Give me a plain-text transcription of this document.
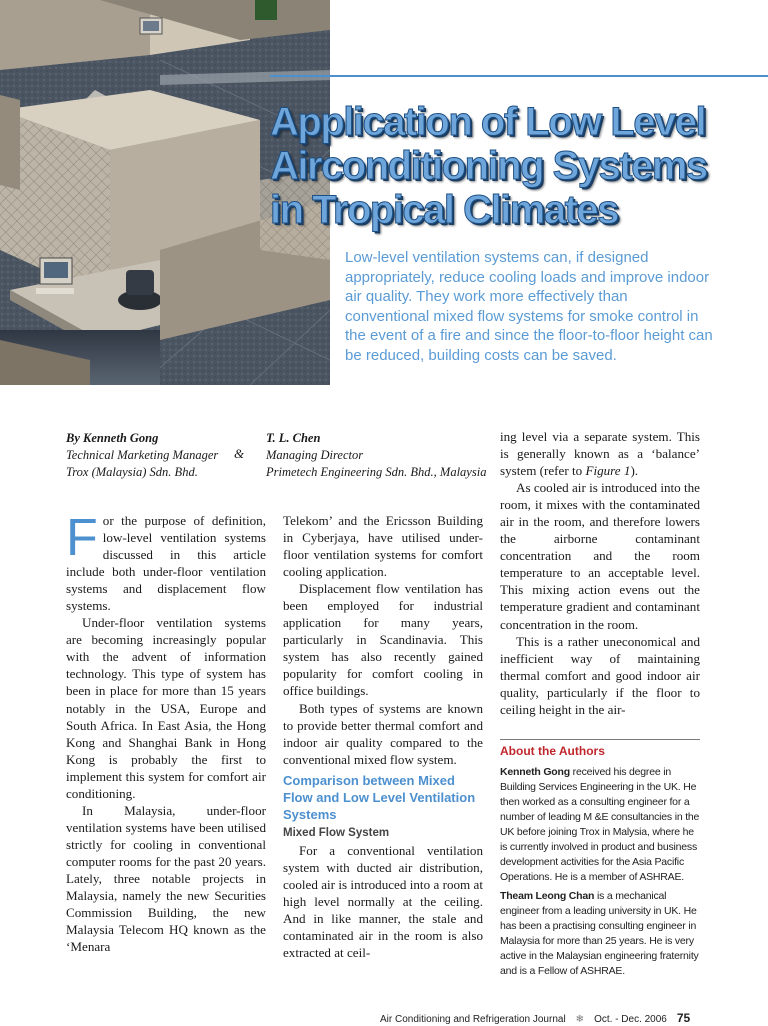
Application of Low Level
Airconditioning Systems
in Tropical Climates

Low-level ventilation systems can, if designed appropriately, reduce cooling loads and improve indoor air quality. They work more effectively than conventional mixed flow systems for smoke control in the event of a fire and since the floor-to-floor height can be reduced, building costs can be saved.

By Kenneth Gong
Technical Marketing Manager
Trox (Malaysia) Sdn. Bhd.
&
T. L. Chen
Managing Director
Primetech Engineering Sdn. Bhd., Malaysia

For the purpose of definition, low-level ventilation systems discussed in this article include both under-floor ventilation systems and displacement flow systems.

Under-floor ventilation systems are becoming increasingly popular with the advent of information technology. This type of system has been in place for more than 15 years notably in the USA, Europe and South Africa. In East Asia, the Hong Kong and Shanghai Bank in Hong Kong is probably the first to implement this system for comfort air conditioning.

In Malaysia, under-floor ventilation systems have been utilised strictly for cooling in conventional computer rooms for the past 20 years. Lately, three notable projects in Malaysia, namely the new Securities Commission Building, the new Malaysia Telecom HQ known as the ‘Menara

Telekom’ and the Ericsson Building in Cyberjaya, have utilised under-floor ventilation systems for comfort cooling application.

Displacement flow ventilation has been employed for industrial application for many years, particularly in Scandinavia. This system has also recently gained popularity for comfort cooling in office buildings.

Both types of systems are known to provide better thermal comfort and indoor air quality compared to the conventional mixed flow system.

Comparison between Mixed Flow and Low Level Ventilation Systems
Mixed Flow System

For a conventional ventilation system with ducted air distribution, cooled air is introduced into a room at high level normally at the ceiling. And in like manner, the stale and contaminated air in the room is also extracted at ceil-

ing level via a separate system. This is generally known as a ‘balance’ system (refer to Figure 1).

As cooled air is introduced into the room, it mixes with the contaminated air in the room, and therefore lowers the airborne contaminant concentration and the room temperature to an acceptable level. This mixing action evens out the temperature gradient and contaminant concentration in the room.

This is a rather uneconomical and inefficient way of maintaining thermal comfort and good indoor air quality, particularly if the floor to ceiling height in the air-

About the Authors

Kenneth Gong received his degree in Building Services Engineering in the UK. He then worked as a consulting engineer for a number of leading M &E consultancies in the UK before joining Trox in Malysia, where he is currently involved in product and business development activities for the Asia Pacific Operations. He is a member of ASHRAE.

Theam Leong Chan is a mechanical engineer from a leading university in UK. He has been a practising consulting engineer in Malaysia for more than 25 years. He is very active in the Malaysian engineering fraternity and is a Fellow of ASHRAE.

Air Conditioning and Refrigeration Journal ❄ Oct. - Dec. 2006 75
